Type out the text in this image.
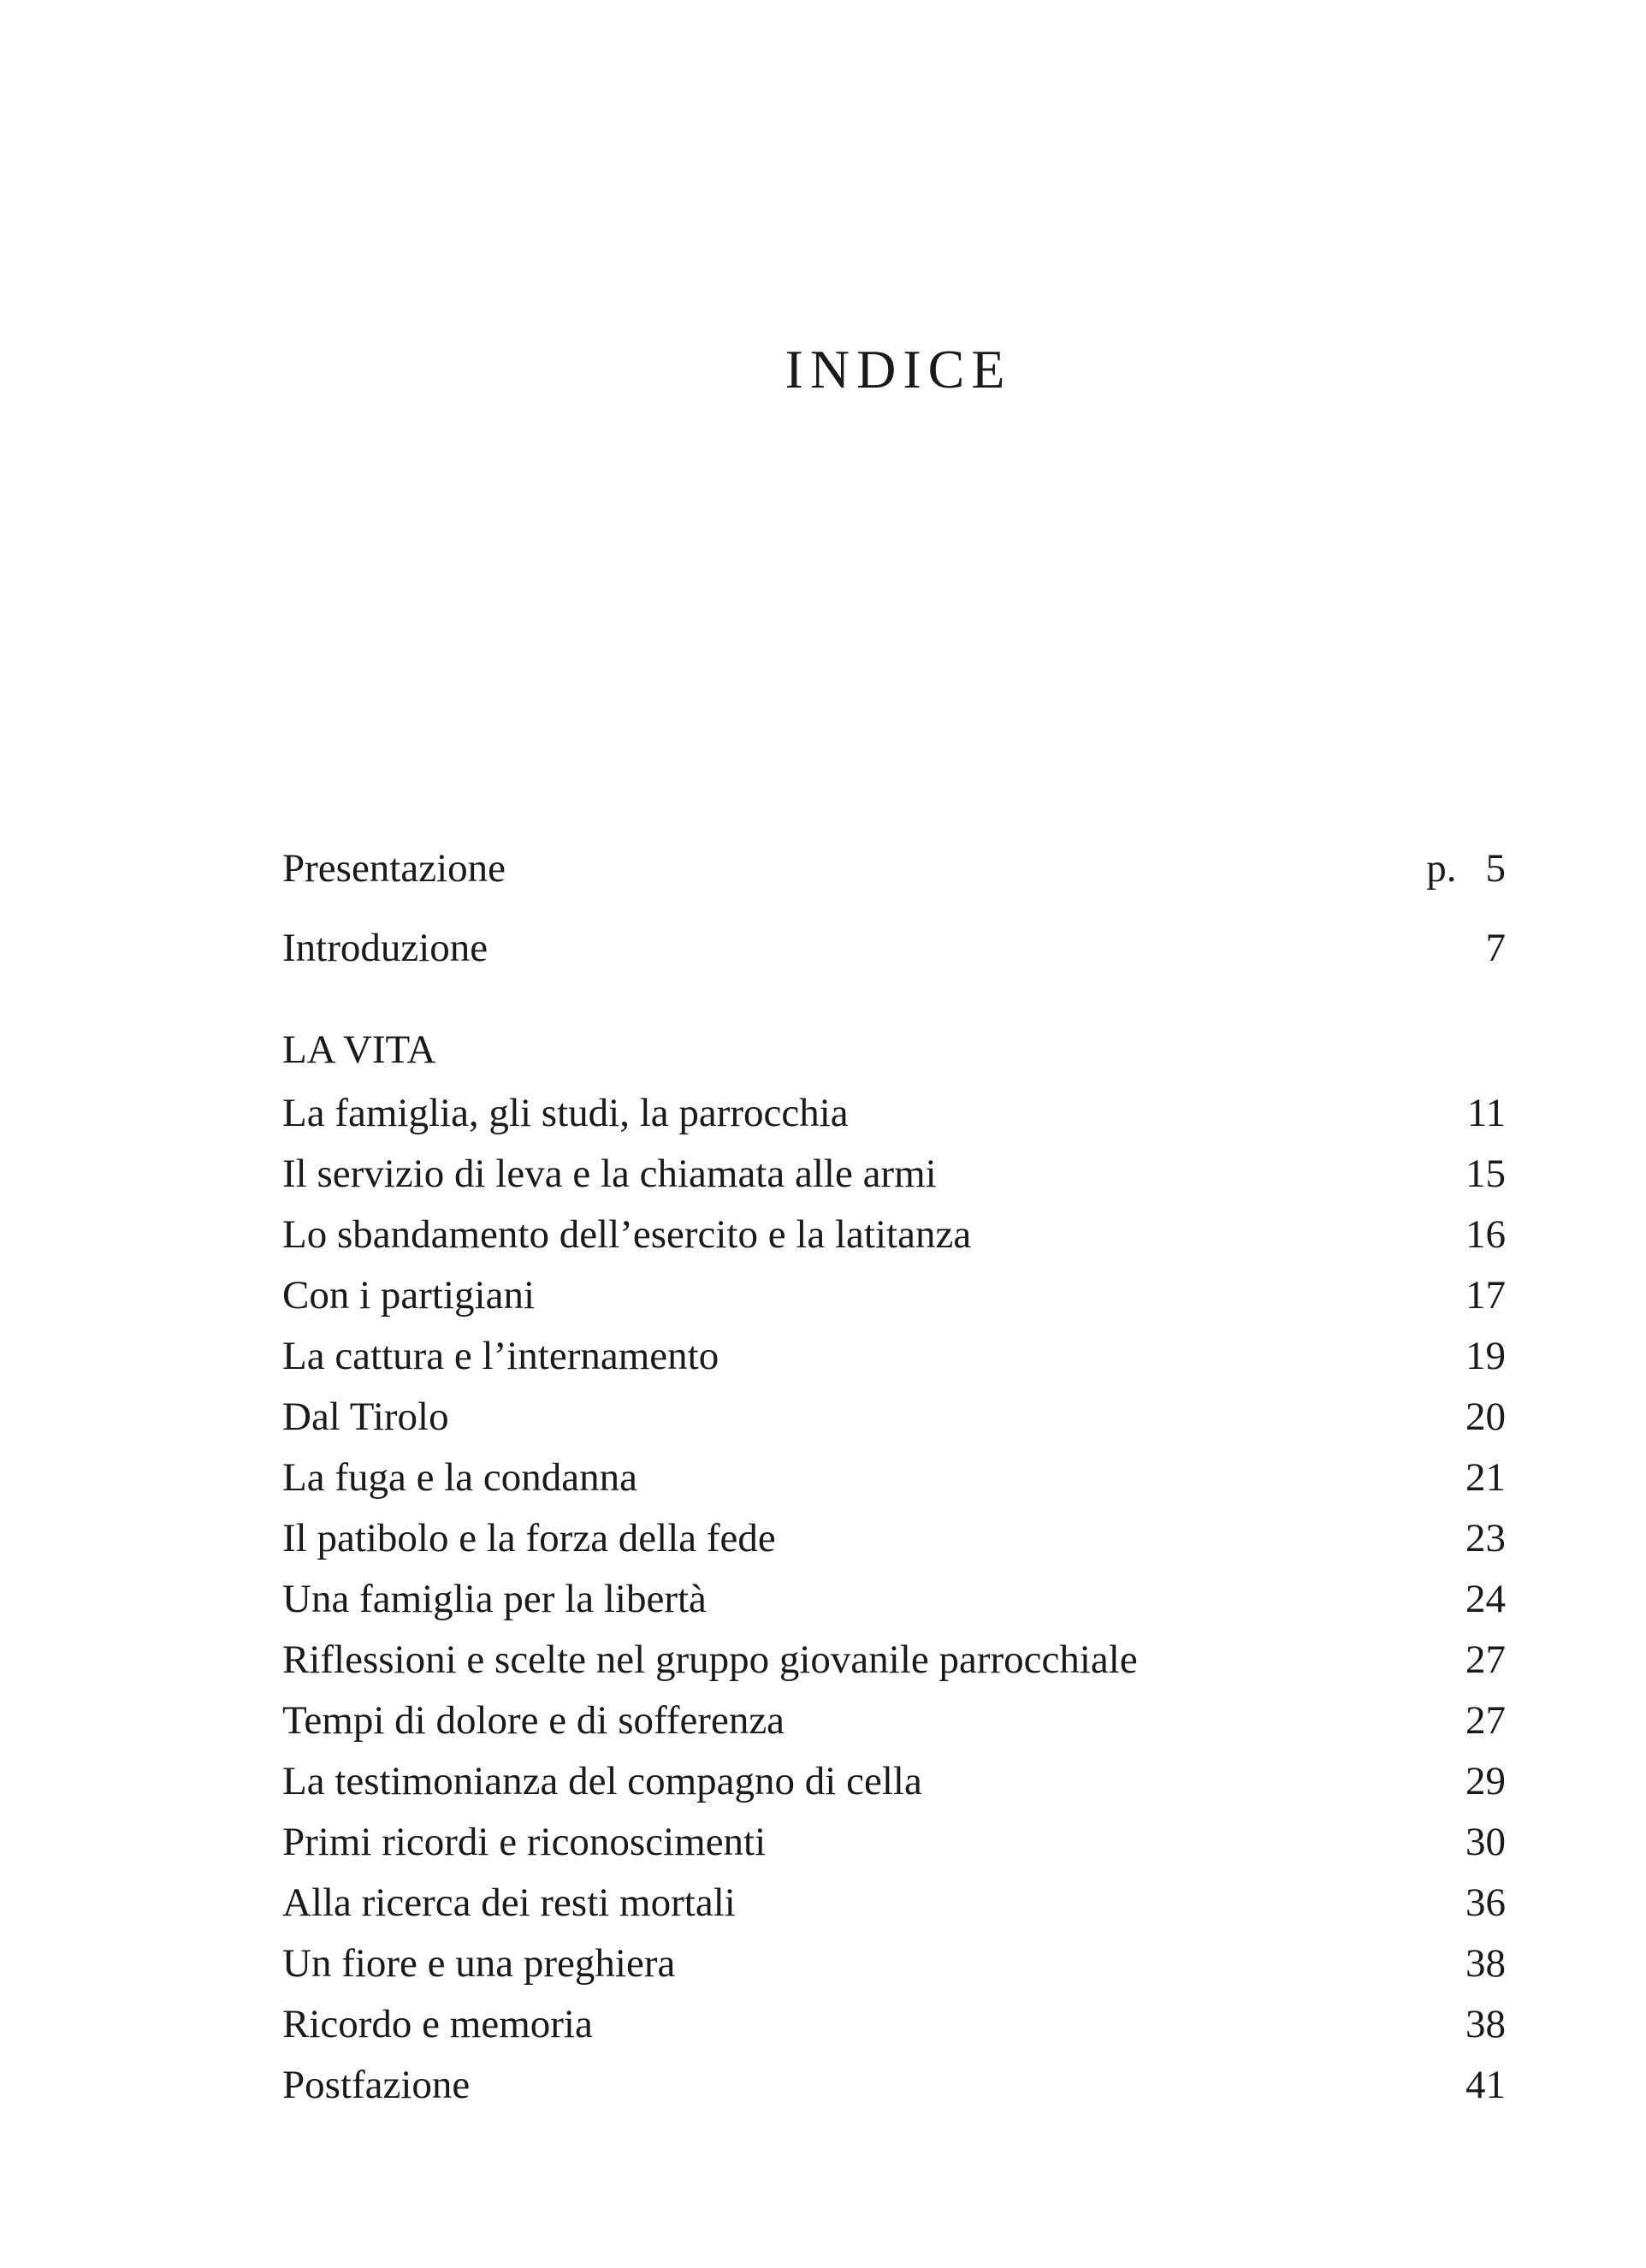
INDICE
Presentazione	p. 5
Introduzione	7
LA VITA
La famiglia, gli studi, la parrocchia	11
Il servizio di leva e la chiamata alle armi	15
Lo sbandamento dell’esercito e la latitanza	16
Con i partigiani	17
La cattura e l’internamento	19
Dal Tirolo	20
La fuga e la condanna	21
Il patibolo e la forza della fede	23
Una famiglia per la libertà	24
Riflessioni e scelte nel gruppo giovanile parrocchiale	27
Tempi di dolore e di sofferenza	27
La testimonianza del compagno di cella	29
Primi ricordi e riconoscimenti	30
Alla ricerca dei resti mortali	36
Un fiore e una preghiera	38
Ricordo e memoria	38
Postfazione	41
